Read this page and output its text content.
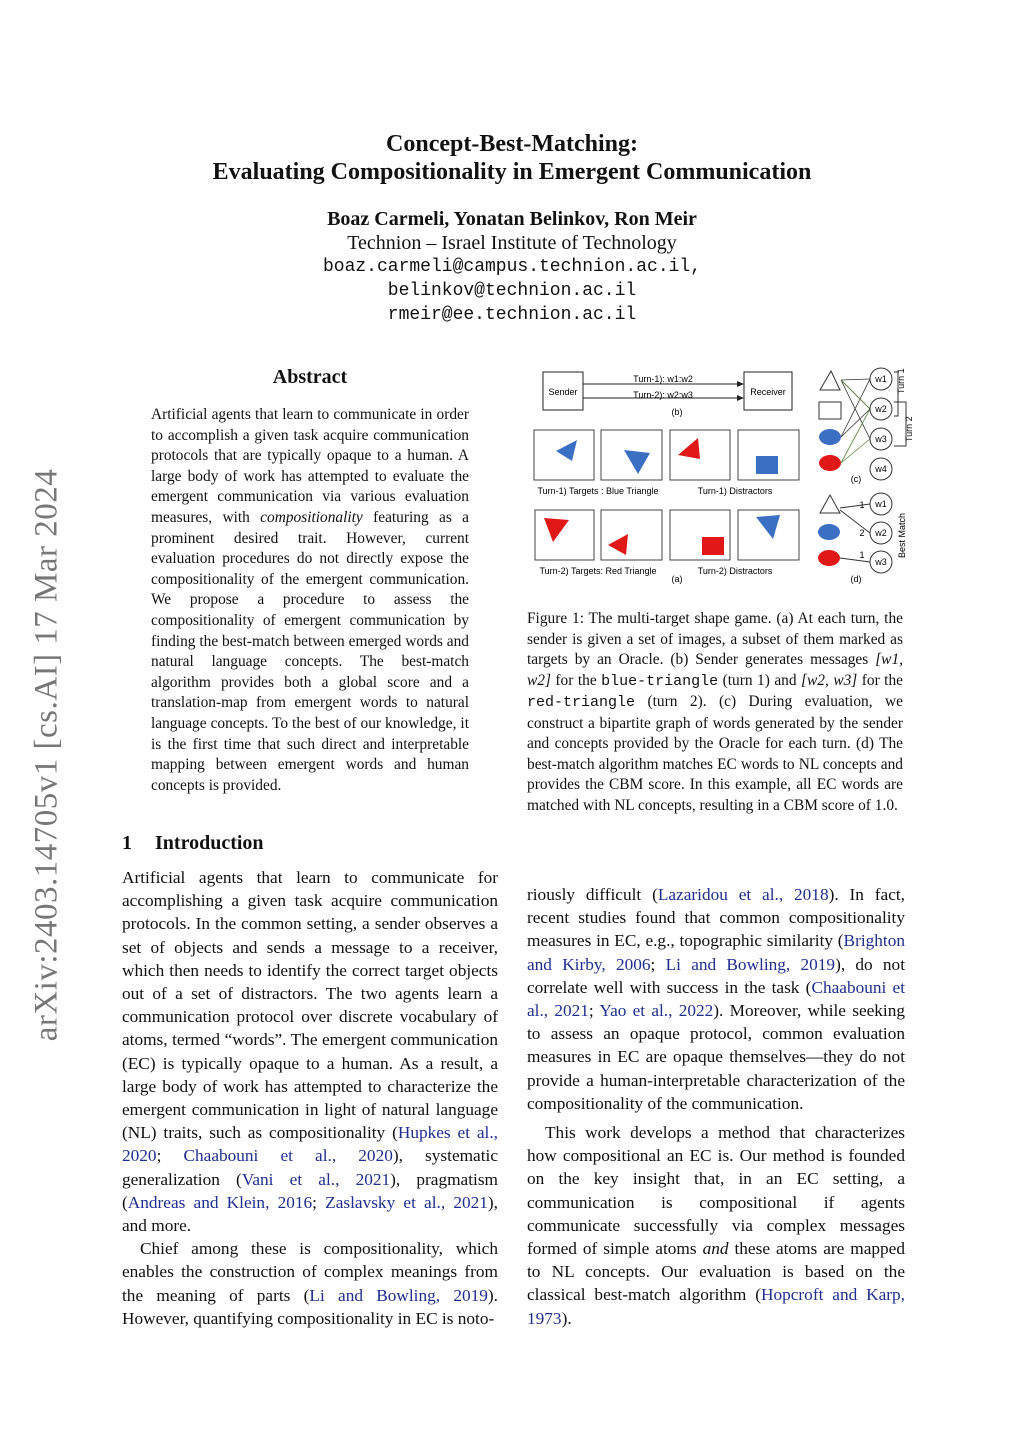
arXiv:2403.14705v1 [cs.AI] 17 Mar 2024
Concept-Best-Matching:
Evaluating Compositionality in Emergent Communication
Boaz Carmeli, Yonatan Belinkov, Ron Meir
Technion – Israel Institute of Technology
boaz.carmeli@campus.technion.ac.il,
belinkov@technion.ac.il
rmeir@ee.technion.ac.il
Abstract
Artificial agents that learn to communicate in order to accomplish a given task acquire communication protocols that are typically opaque to a human. A large body of work has attempted to evaluate the emergent communication via various evaluation measures, with compositionality featuring as a prominent desired trait. However, current evaluation procedures do not directly expose the compositionality of the emergent communication. We propose a procedure to assess the compositionality of emergent communication by finding the best-match between emerged words and natural language concepts. The best-match algorithm provides both a global score and a translation-map from emergent words to natural language concepts. To the best of our knowledge, it is the first time that such direct and interpretable mapping between emergent words and human concepts is provided.
1 Introduction

Artificial agents that learn to communicate for accomplishing a given task acquire communication protocols. In the common setting, a sender observes a set of objects and sends a message to a receiver, which then needs to identify the correct target objects out of a set of distractors. The two agents learn a communication protocol over discrete vocabulary of atoms, termed “words”. The emergent communication (EC) is typically opaque to a human. As a result, a large body of work has attempted to characterize the emergent communication in light of natural language (NL) traits, such as compositionality (Hupkes et al., 2020; Chaabouni et al., 2020), systematic generalization (Vani et al., 2021), pragmatism (Andreas and Klein, 2016; Zaslavsky et al., 2021), and more.

Chief among these is compositionality, which enables the construction of complex meanings from the meaning of parts (Li and Bowling, 2019). However, quantifying compositionality in EC is noto-

Sender	Receiver
Turn-1): w1:w2
Turn-2): w2:w3
(b)
Turn-1) Targets : Blue Triangle	Turn-1) Distractors
Turn-2) Targets: Red Triangle	Turn-2) Distractors
(a)
w1
w2
w3
w4
Turn 1
Turn 2
(c)
1
2
1
w1
w2
w3
Best Match
(d)
Figure 1: The multi-target shape game. (a) At each turn, the sender is given a set of images, a subset of them marked as targets by an Oracle. (b) Sender generates messages [w1, w2] for the blue-triangle (turn 1) and [w2, w3] for the red-triangle (turn 2). (c) During evaluation, we construct a bipartite graph of words generated by the sender and concepts provided by the Oracle for each turn. (d) The best-match algorithm matches EC words to NL concepts and provides the CBM score. In this example, all EC words are matched with NL concepts, resulting in a CBM score of 1.0.

riously difficult (Lazaridou et al., 2018). In fact, recent studies found that common compositionality measures in EC, e.g., topographic similarity (Brighton and Kirby, 2006; Li and Bowling, 2019), do not correlate well with success in the task (Chaabouni et al., 2021; Yao et al., 2022). Moreover, while seeking to assess an opaque protocol, common evaluation measures in EC are opaque themselves—they do not provide a human-interpretable characterization of the compositionality of the communication.

This work develops a method that characterizes how compositional an EC is. Our method is founded on the key insight that, in an EC setting, a communication is compositional if agents communicate successfully via complex messages formed of simple atoms and these atoms are mapped to NL concepts. Our evaluation is based on the classical best-match algorithm (Hopcroft and Karp, 1973).
